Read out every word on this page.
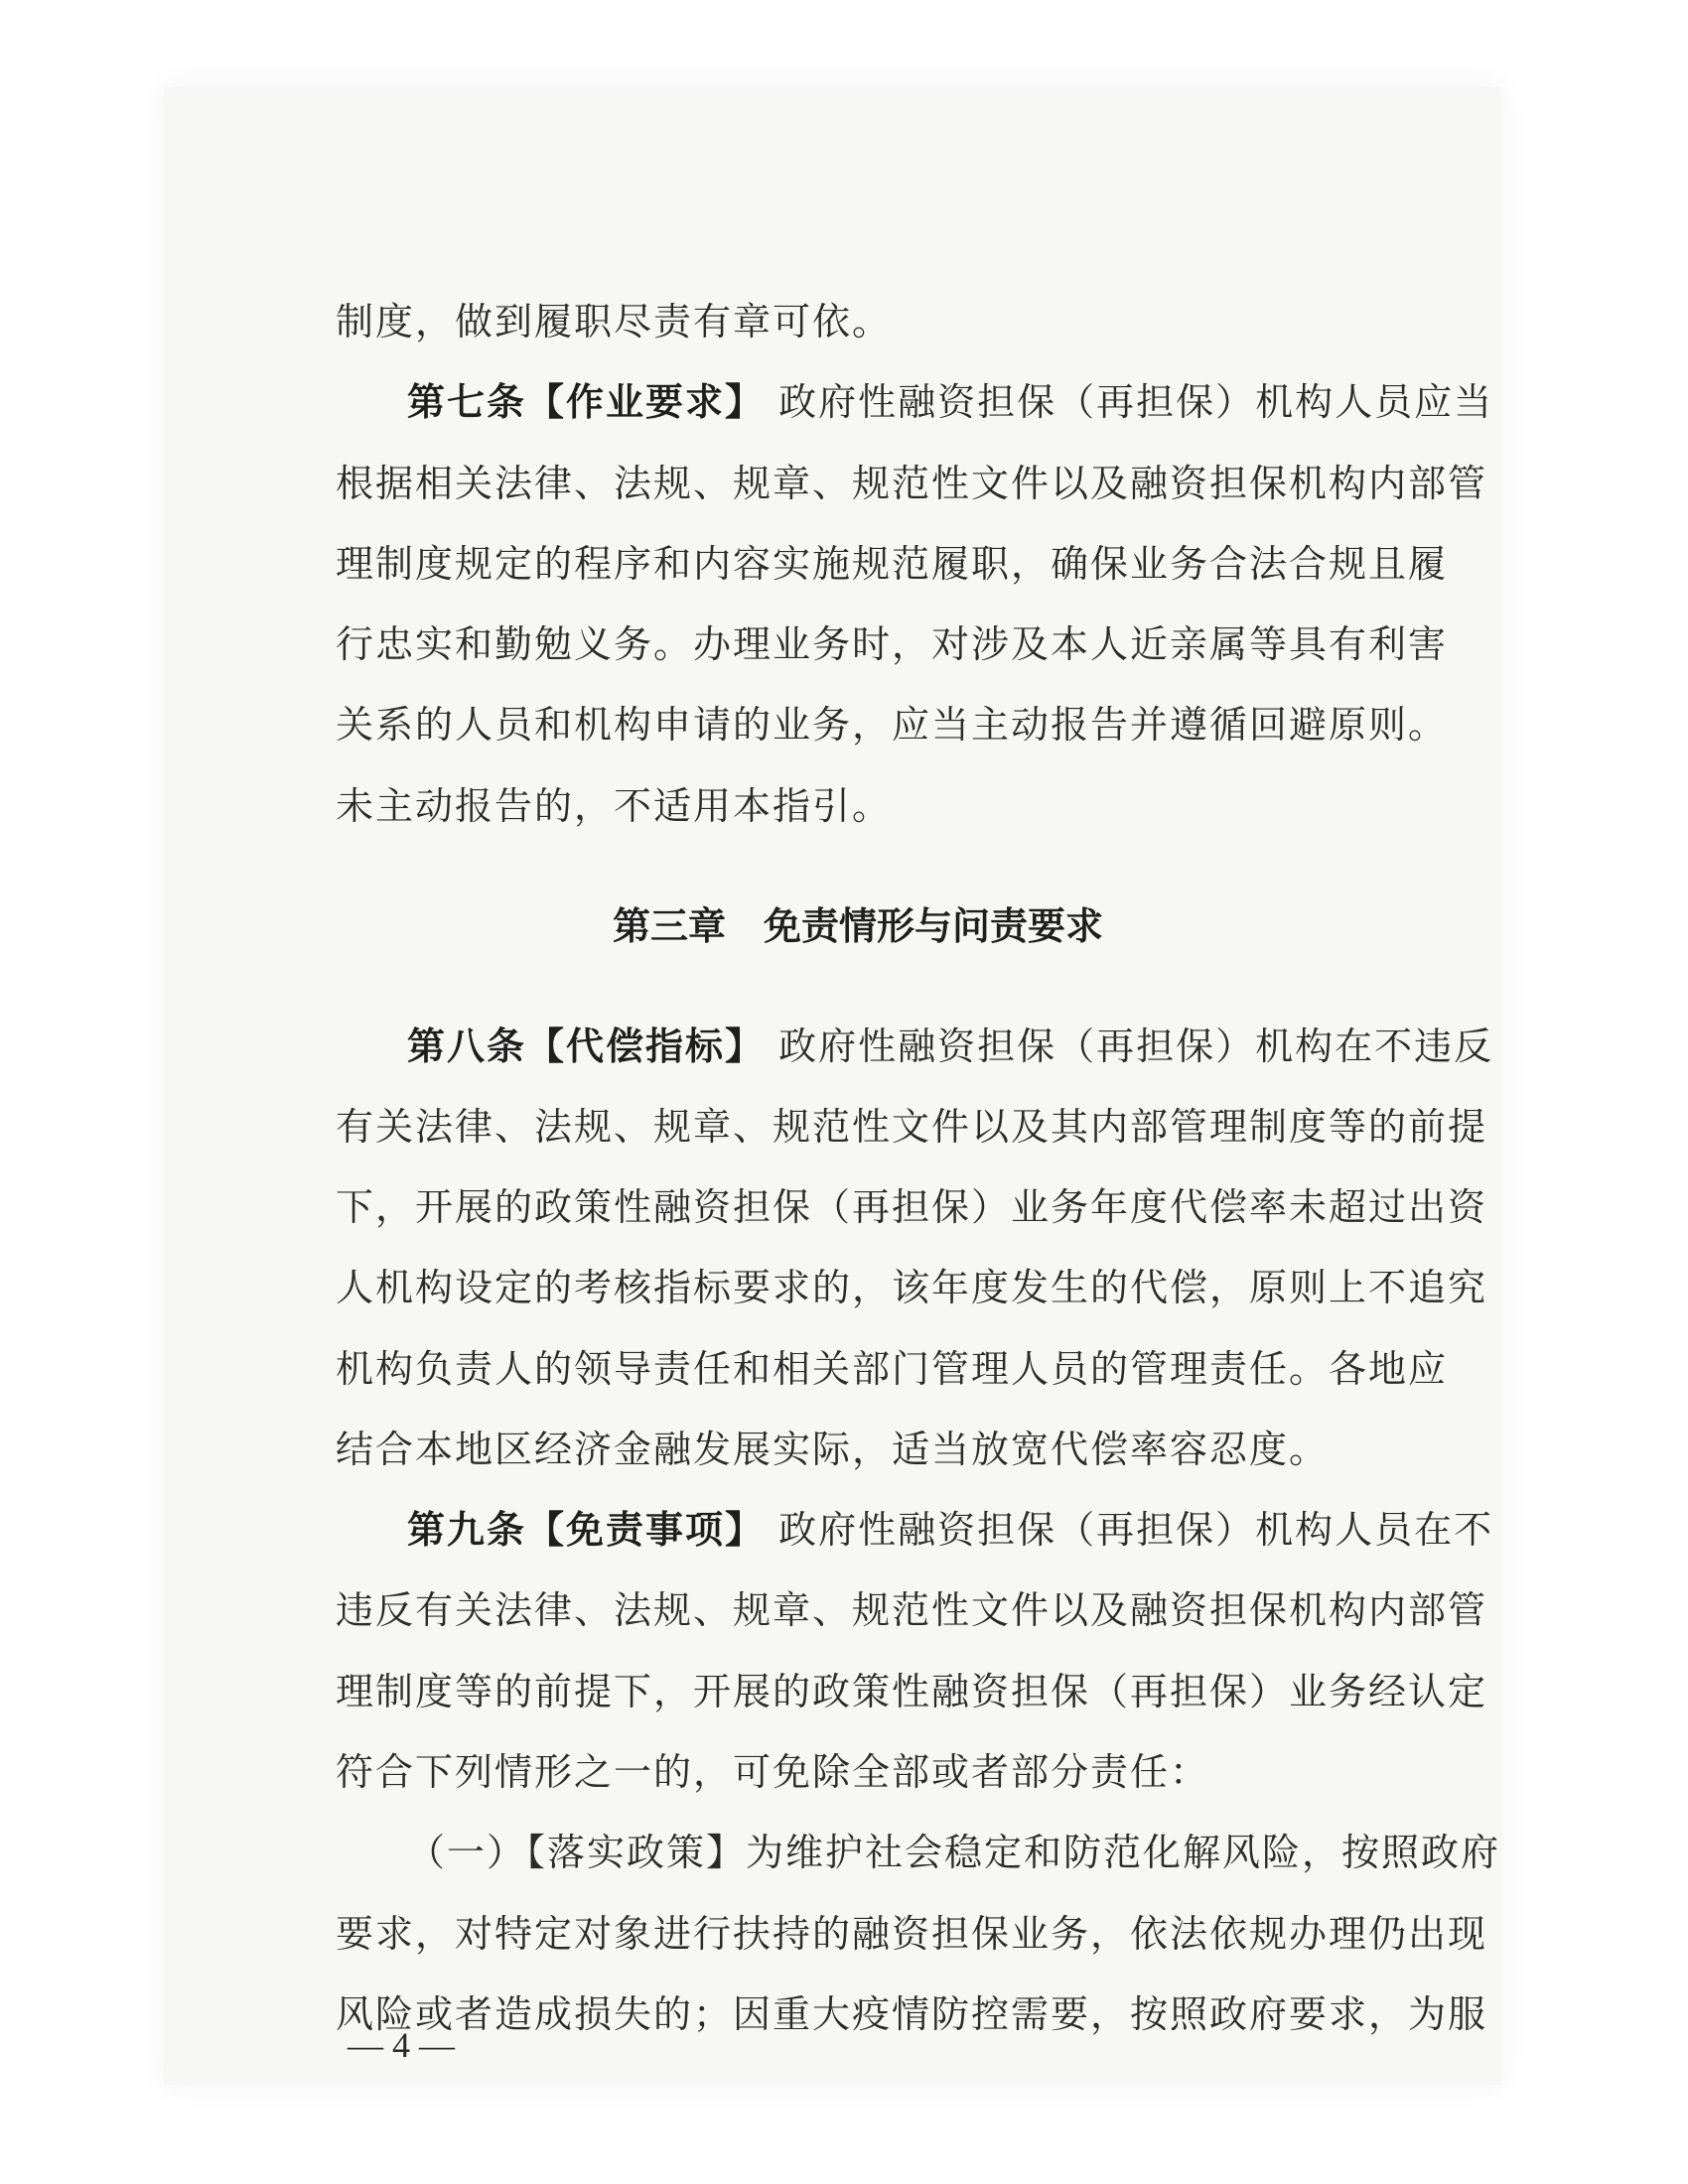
制度，做到履职尽责有章可依。
第七条【作业要求】 政府性融资担保（再担保）机构人员应当
根据相关法律、法规、规章、规范性文件以及融资担保机构内部管
理制度规定的程序和内容实施规范履职，确保业务合法合规且履
行忠实和勤勉义务。办理业务时，对涉及本人近亲属等具有利害
关系的人员和机构申请的业务，应当主动报告并遵循回避原则。
未主动报告的，不适用本指引。
第三章　免责情形与问责要求
第八条【代偿指标】 政府性融资担保（再担保）机构在不违反
有关法律、法规、规章、规范性文件以及其内部管理制度等的前提
下，开展的政策性融资担保（再担保）业务年度代偿率未超过出资
人机构设定的考核指标要求的，该年度发生的代偿，原则上不追究
机构负责人的领导责任和相关部门管理人员的管理责任。各地应
结合本地区经济金融发展实际，适当放宽代偿率容忍度。
第九条【免责事项】 政府性融资担保（再担保）机构人员在不
违反有关法律、法规、规章、规范性文件以及融资担保机构内部管
理制度等的前提下，开展的政策性融资担保（再担保）业务经认定
符合下列情形之一的，可免除全部或者部分责任：
（一）【落实政策】为维护社会稳定和防范化解风险，按照政府
要求，对特定对象进行扶持的融资担保业务，依法依规办理仍出现
风险或者造成损失的；因重大疫情防控需要，按照政府要求，为服
— 4 —
